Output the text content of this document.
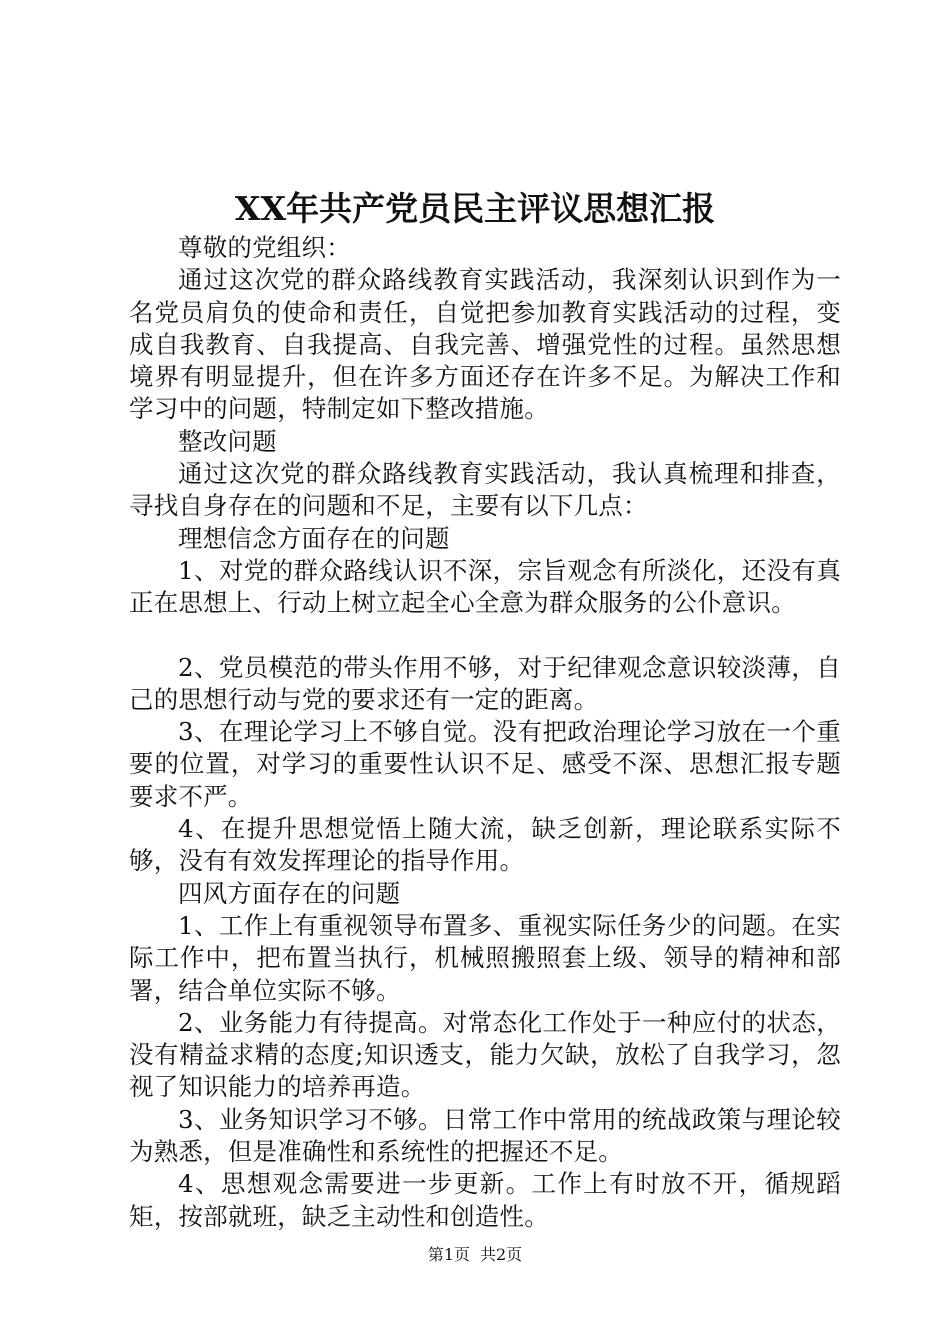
XX年共产党员民主评议思想汇报

尊敬的党组织：

通过这次党的群众路线教育实践活动，我深刻认识到作为一名党员肩负的使命和责任，自觉把参加教育实践活动的过程，变成自我教育、自我提高、自我完善、增强党性的过程。虽然思想境界有明显提升，但在许多方面还存在许多不足。为解决工作和学习中的问题，特制定如下整改措施。

整改问题

通过这次党的群众路线教育实践活动，我认真梳理和排查，寻找自身存在的问题和不足，主要有以下几点：

理想信念方面存在的问题

1、对党的群众路线认识不深，宗旨观念有所淡化，还没有真正在思想上、行动上树立起全心全意为群众服务的公仆意识。

2、党员模范的带头作用不够，对于纪律观念意识较淡薄，自己的思想行动与党的要求还有一定的距离。

3、在理论学习上不够自觉。没有把政治理论学习放在一个重要的位置，对学习的重要性认识不足、感受不深、思想汇报专题要求不严。

4、在提升思想觉悟上随大流，缺乏创新，理论联系实际不够，没有有效发挥理论的指导作用。

四风方面存在的问题

1、工作上有重视领导布置多、重视实际任务少的问题。在实际工作中，把布置当执行，机械照搬照套上级、领导的精神和部署，结合单位实际不够。

2、业务能力有待提高。对常态化工作处于一种应付的状态，没有精益求精的态度;知识透支，能力欠缺，放松了自我学习，忽视了知识能力的培养再造。

3、业务知识学习不够。日常工作中常用的统战政策与理论较为熟悉，但是准确性和系统性的把握还不足。

4、思想观念需要进一步更新。工作上有时放不开，循规蹈矩，按部就班，缺乏主动性和创造性。

第1页 共2页
